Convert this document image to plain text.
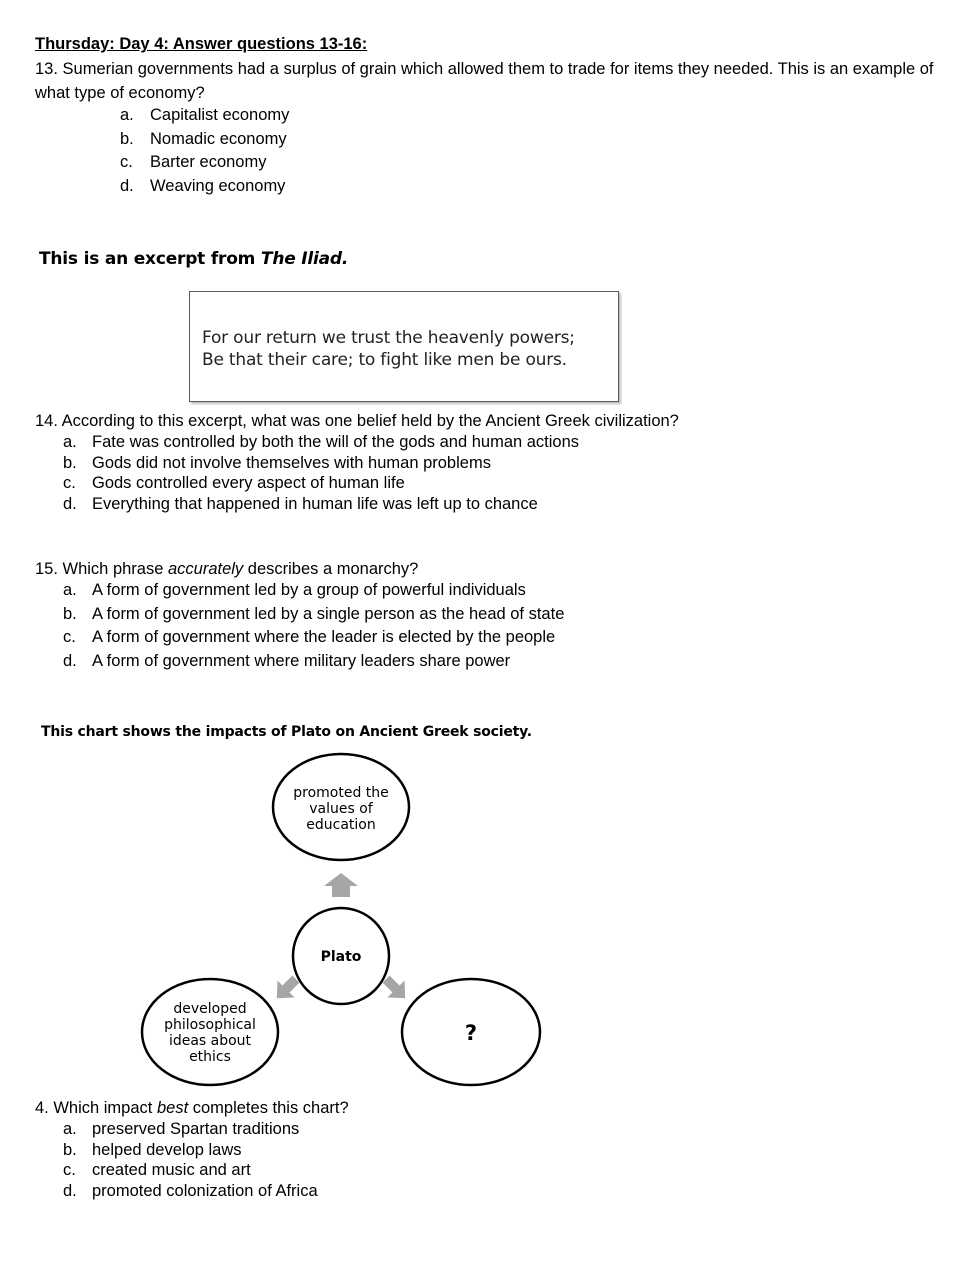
Thursday: Day 4: Answer questions 13-16:
13. Sumerian governments had a surplus of grain which allowed them to trade for items they needed. This is an example of what type of economy?
a. Capitalist economy
b. Nomadic economy
c. Barter economy
d. Weaving economy
This is an excerpt from The Iliad.
For our return we trust the heavenly powers;
Be that their care; to fight like men be ours.
14. According to this excerpt, what was one belief held by the Ancient Greek civilization?
a. Fate was controlled by both the will of the gods and human actions
b. Gods did not involve themselves with human problems
c. Gods controlled every aspect of human life
d. Everything that happened in human life was left up to chance
15. Which phrase accurately describes a monarchy?
a. A form of government led by a group of powerful individuals
b. A form of government led by a single person as the head of state
c. A form of government where the leader is elected by the people
d. A form of government where military leaders share power
This chart shows the impacts of Plato on Ancient Greek society.
promoted the
values of
education
Plato
developed
philosophical
ideas about
ethics
?
4. Which impact best completes this chart?
a. preserved Spartan traditions
b. helped develop laws
c. created music and art
d. promoted colonization of Africa
